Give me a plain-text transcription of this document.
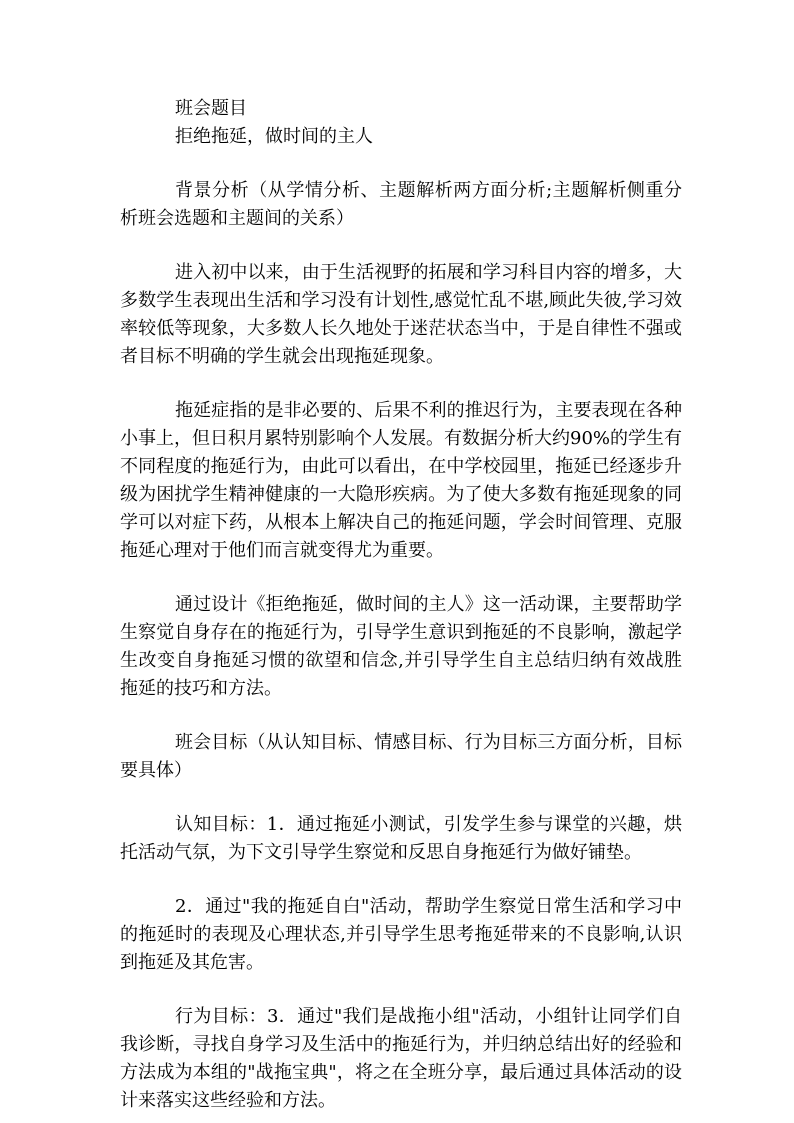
班会题目

拒绝拖延，做时间的主人

背景分析（从学情分析、主题解析两方面分析;主题解析侧重分析班会选题和主题间的关系）

进入初中以来，由于生活视野的拓展和学习科目内容的增多，大多数学生表现出生活和学习没有计划性,感觉忙乱不堪,顾此失彼,学习效率较低等现象，大多数人长久地处于迷茫状态当中，于是自律性不强或者目标不明确的学生就会出现拖延现象。

拖延症指的是非必要的、后果不利的推迟行为，主要表现在各种小事上，但日积月累特别影响个人发展。有数据分析大约90%的学生有不同程度的拖延行为，由此可以看出，在中学校园里，拖延已经逐步升级为困扰学生精神健康的一大隐形疾病。为了使大多数有拖延现象的同学可以对症下药，从根本上解决自己的拖延问题，学会时间管理、克服拖延心理对于他们而言就变得尤为重要。

通过设计《拒绝拖延，做时间的主人》这一活动课，主要帮助学生察觉自身存在的拖延行为，引导学生意识到拖延的不良影响，激起学生改变自身拖延习惯的欲望和信念,并引导学生自主总结归纳有效战胜拖延的技巧和方法。

班会目标（从认知目标、情感目标、行为目标三方面分析，目标要具体）

认知目标：1．通过拖延小测试，引发学生参与课堂的兴趣，烘托活动气氛，为下文引导学生察觉和反思自身拖延行为做好铺垫。

2．通过"我的拖延自白"活动，帮助学生察觉日常生活和学习中的拖延时的表现及心理状态,并引导学生思考拖延带来的不良影响,认识到拖延及其危害。

行为目标：3．通过"我们是战拖小组"活动，小组针让同学们自我诊断，寻找自身学习及生活中的拖延行为，并归纳总结出好的经验和方法成为本组的"战拖宝典"，将之在全班分享，最后通过具体活动的设计来落实这些经验和方法。
